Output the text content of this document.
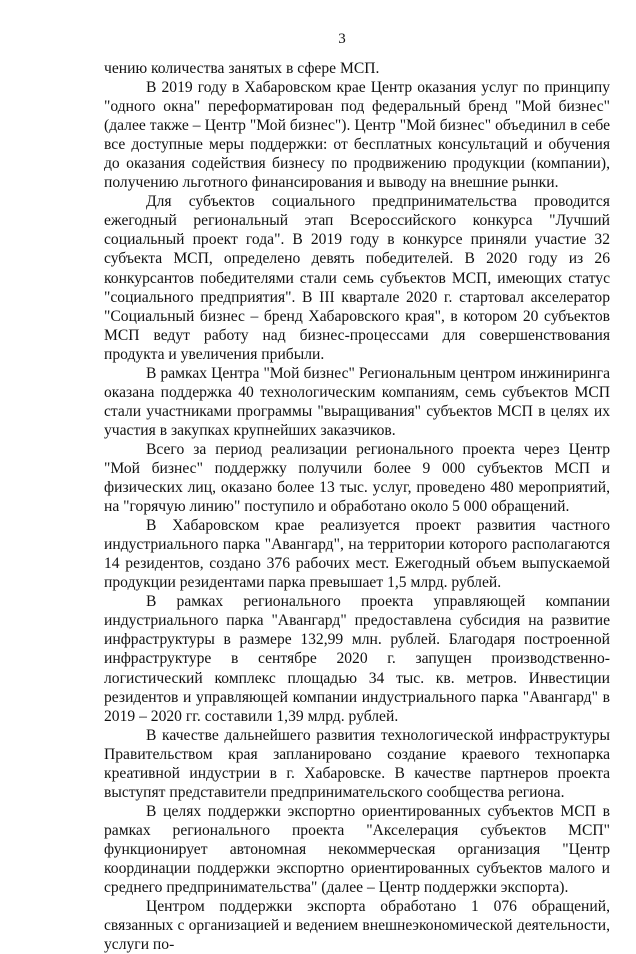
3

чению количества занятых в сфере МСП.

В 2019 году в Хабаровском крае Центр оказания услуг по принципу "одного окна" переформатирован под федеральный бренд "Мой бизнес" (далее также – Центр "Мой бизнес"). Центр "Мой бизнес" объединил в себе все доступные меры поддержки: от бесплатных консультаций и обучения до оказания содействия бизнесу по продвижению продукции (компании), получению льготного финансирования и выводу на внешние рынки.

Для субъектов социального предпринимательства проводится ежегодный региональный этап Всероссийского конкурса "Лучший социальный проект года". В 2019 году в конкурсе приняли участие 32 субъекта МСП, определено девять победителей. В 2020 году из 26 конкурсантов победителями стали семь субъектов МСП, имеющих статус "социального предприятия". В III квартале 2020 г. стартовал акселератор "Социальный бизнес – бренд Хабаровского края", в котором 20 субъектов МСП ведут работу над бизнес-процессами для совершенствования продукта и увеличения прибыли.

В рамках Центра "Мой бизнес" Региональным центром инжиниринга оказана поддержка 40 технологическим компаниям, семь субъектов МСП стали участниками программы "выращивания" субъектов МСП в целях их участия в закупках крупнейших заказчиков.

Всего за период реализации регионального проекта через Центр "Мой бизнес" поддержку получили более 9 000 субъектов МСП и физических лиц, оказано более 13 тыс. услуг, проведено 480 мероприятий, на "горячую линию" поступило и обработано около 5 000 обращений.

В Хабаровском крае реализуется проект развития частного индустриального парка "Авангард", на территории которого располагаются 14 резидентов, создано 376 рабочих мест. Ежегодный объем выпускаемой продукции резидентами парка превышает 1,5 млрд. рублей.

В рамках регионального проекта управляющей компании индустриального парка "Авангард" предоставлена субсидия на развитие инфраструктуры в размере 132,99 млн. рублей. Благодаря построенной инфраструктуре в сентябре 2020 г. запущен производственно-логистический комплекс площадью 34 тыс. кв. метров. Инвестиции резидентов и управляющей компании индустриального парка "Авангард" в 2019 – 2020 гг. составили 1,39 млрд. рублей.

В качестве дальнейшего развития технологической инфраструктуры Правительством края запланировано создание краевого технопарка креативной индустрии в г. Хабаровске. В качестве партнеров проекта выступят представители предпринимательского сообщества региона.

В целях поддержки экспортно ориентированных субъектов МСП в рамках регионального проекта "Акселерация субъектов МСП" функционирует автономная некоммерческая организация "Центр координации поддержки экспортно ориентированных субъектов малого и среднего предпринимательства" (далее – Центр поддержки экспорта).

Центром поддержки экспорта обработано 1 076 обращений, связанных с организацией и ведением внешнеэкономической деятельности, услуги по-
